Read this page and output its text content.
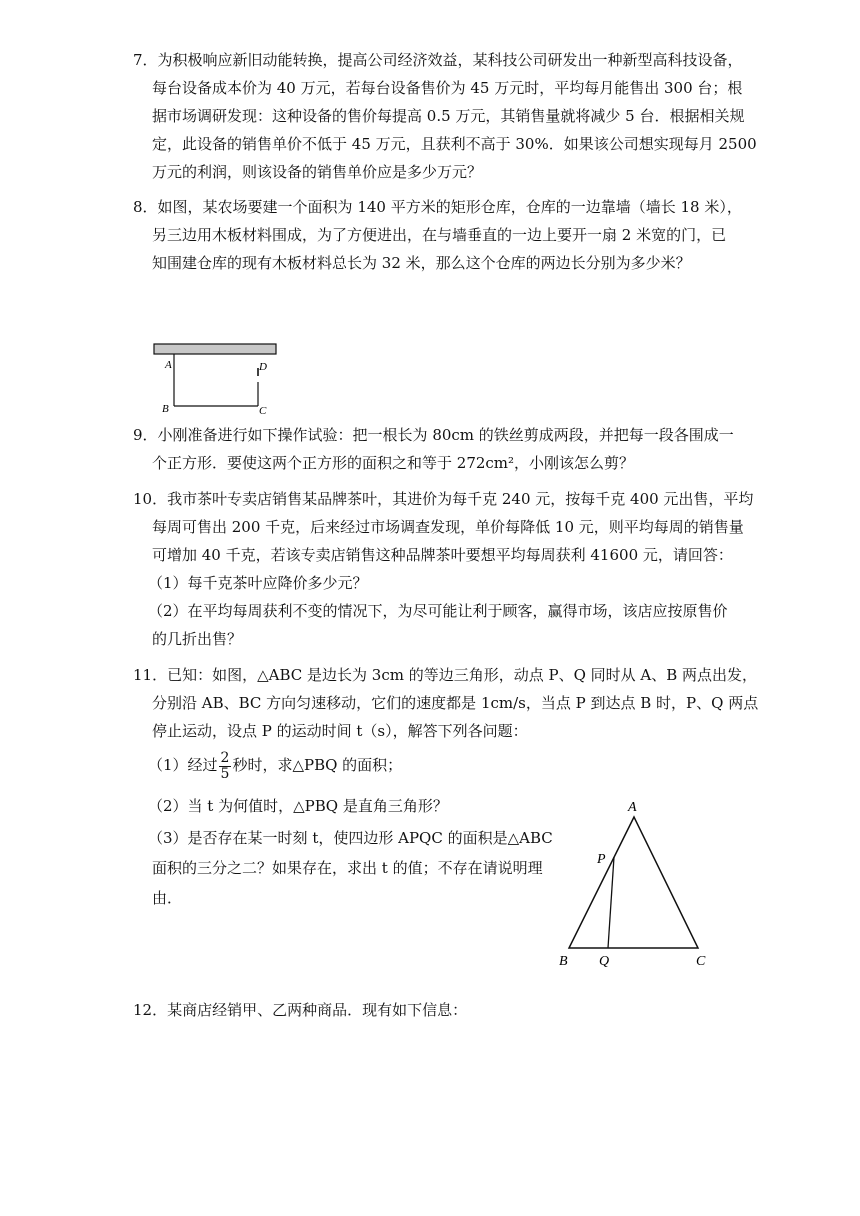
7．为积极响应新旧动能转换，提高公司经济效益，某科技公司研发出一种新型高科技设备，
每台设备成本价为 40 万元，若每台设备售价为 45 万元时，平均每月能售出 300 台；根
据市场调研发现：这种设备的售价每提高 0.5 万元，其销售量就将减少 5 台．根据相关规
定，此设备的销售单价不低于 45 万元，且获利不高于 30%．如果该公司想实现每月 2500
万元的利润，则该设备的销售单价应是多少万元？
8．如图，某农场要建一个面积为 140 平方米的矩形仓库，仓库的一边靠墙（墙长 18 米），
另三边用木板材料围成，为了方便进出，在与墙垂直的一边上要开一扇 2 米宽的门，已
知围建仓库的现有木板材料总长为 32 米，那么这个仓库的两边长分别为多少米？
A	D
B	C
9．小刚准备进行如下操作试验：把一根长为 80cm 的铁丝剪成两段，并把每一段各围成一
个正方形．要使这两个正方形的面积之和等于 272cm²，小刚该怎么剪？
10．我市茶叶专卖店销售某品牌茶叶，其进价为每千克 240 元，按每千克 400 元出售，平均
每周可售出 200 千克，后来经过市场调查发现，单价每降低 10 元，则平均每周的销售量
可增加 40 千克，若该专卖店销售这种品牌茶叶要想平均每周获利 41600 元，请回答：
（1）每千克茶叶应降价多少元？
（2）在平均每周获利不变的情况下，为尽可能让利于顾客，赢得市场，该店应按原售价
的几折出售？
11．已知：如图，△ABC 是边长为 3cm 的等边三角形，动点 P、Q 同时从 A、B 两点出发，
分别沿 AB、BC 方向匀速移动，它们的速度都是 1cm/s，当点 P 到达点 B 时，P、Q 两点
停止运动，设点 P 的运动时间 t（s），解答下列各问题：
（1）经过 $\frac{2}{5}$ 秒时，求△PBQ 的面积；
（2）当 t 为何值时，△PBQ 是直角三角形？
（3）是否存在某一时刻 t，使四边形 APQC 的面积是△ABC
面积的三分之二？如果存在，求出 t 的值；不存在请说明理
由．
A
P
B Q	C
12．某商店经销甲、乙两种商品．现有如下信息：
